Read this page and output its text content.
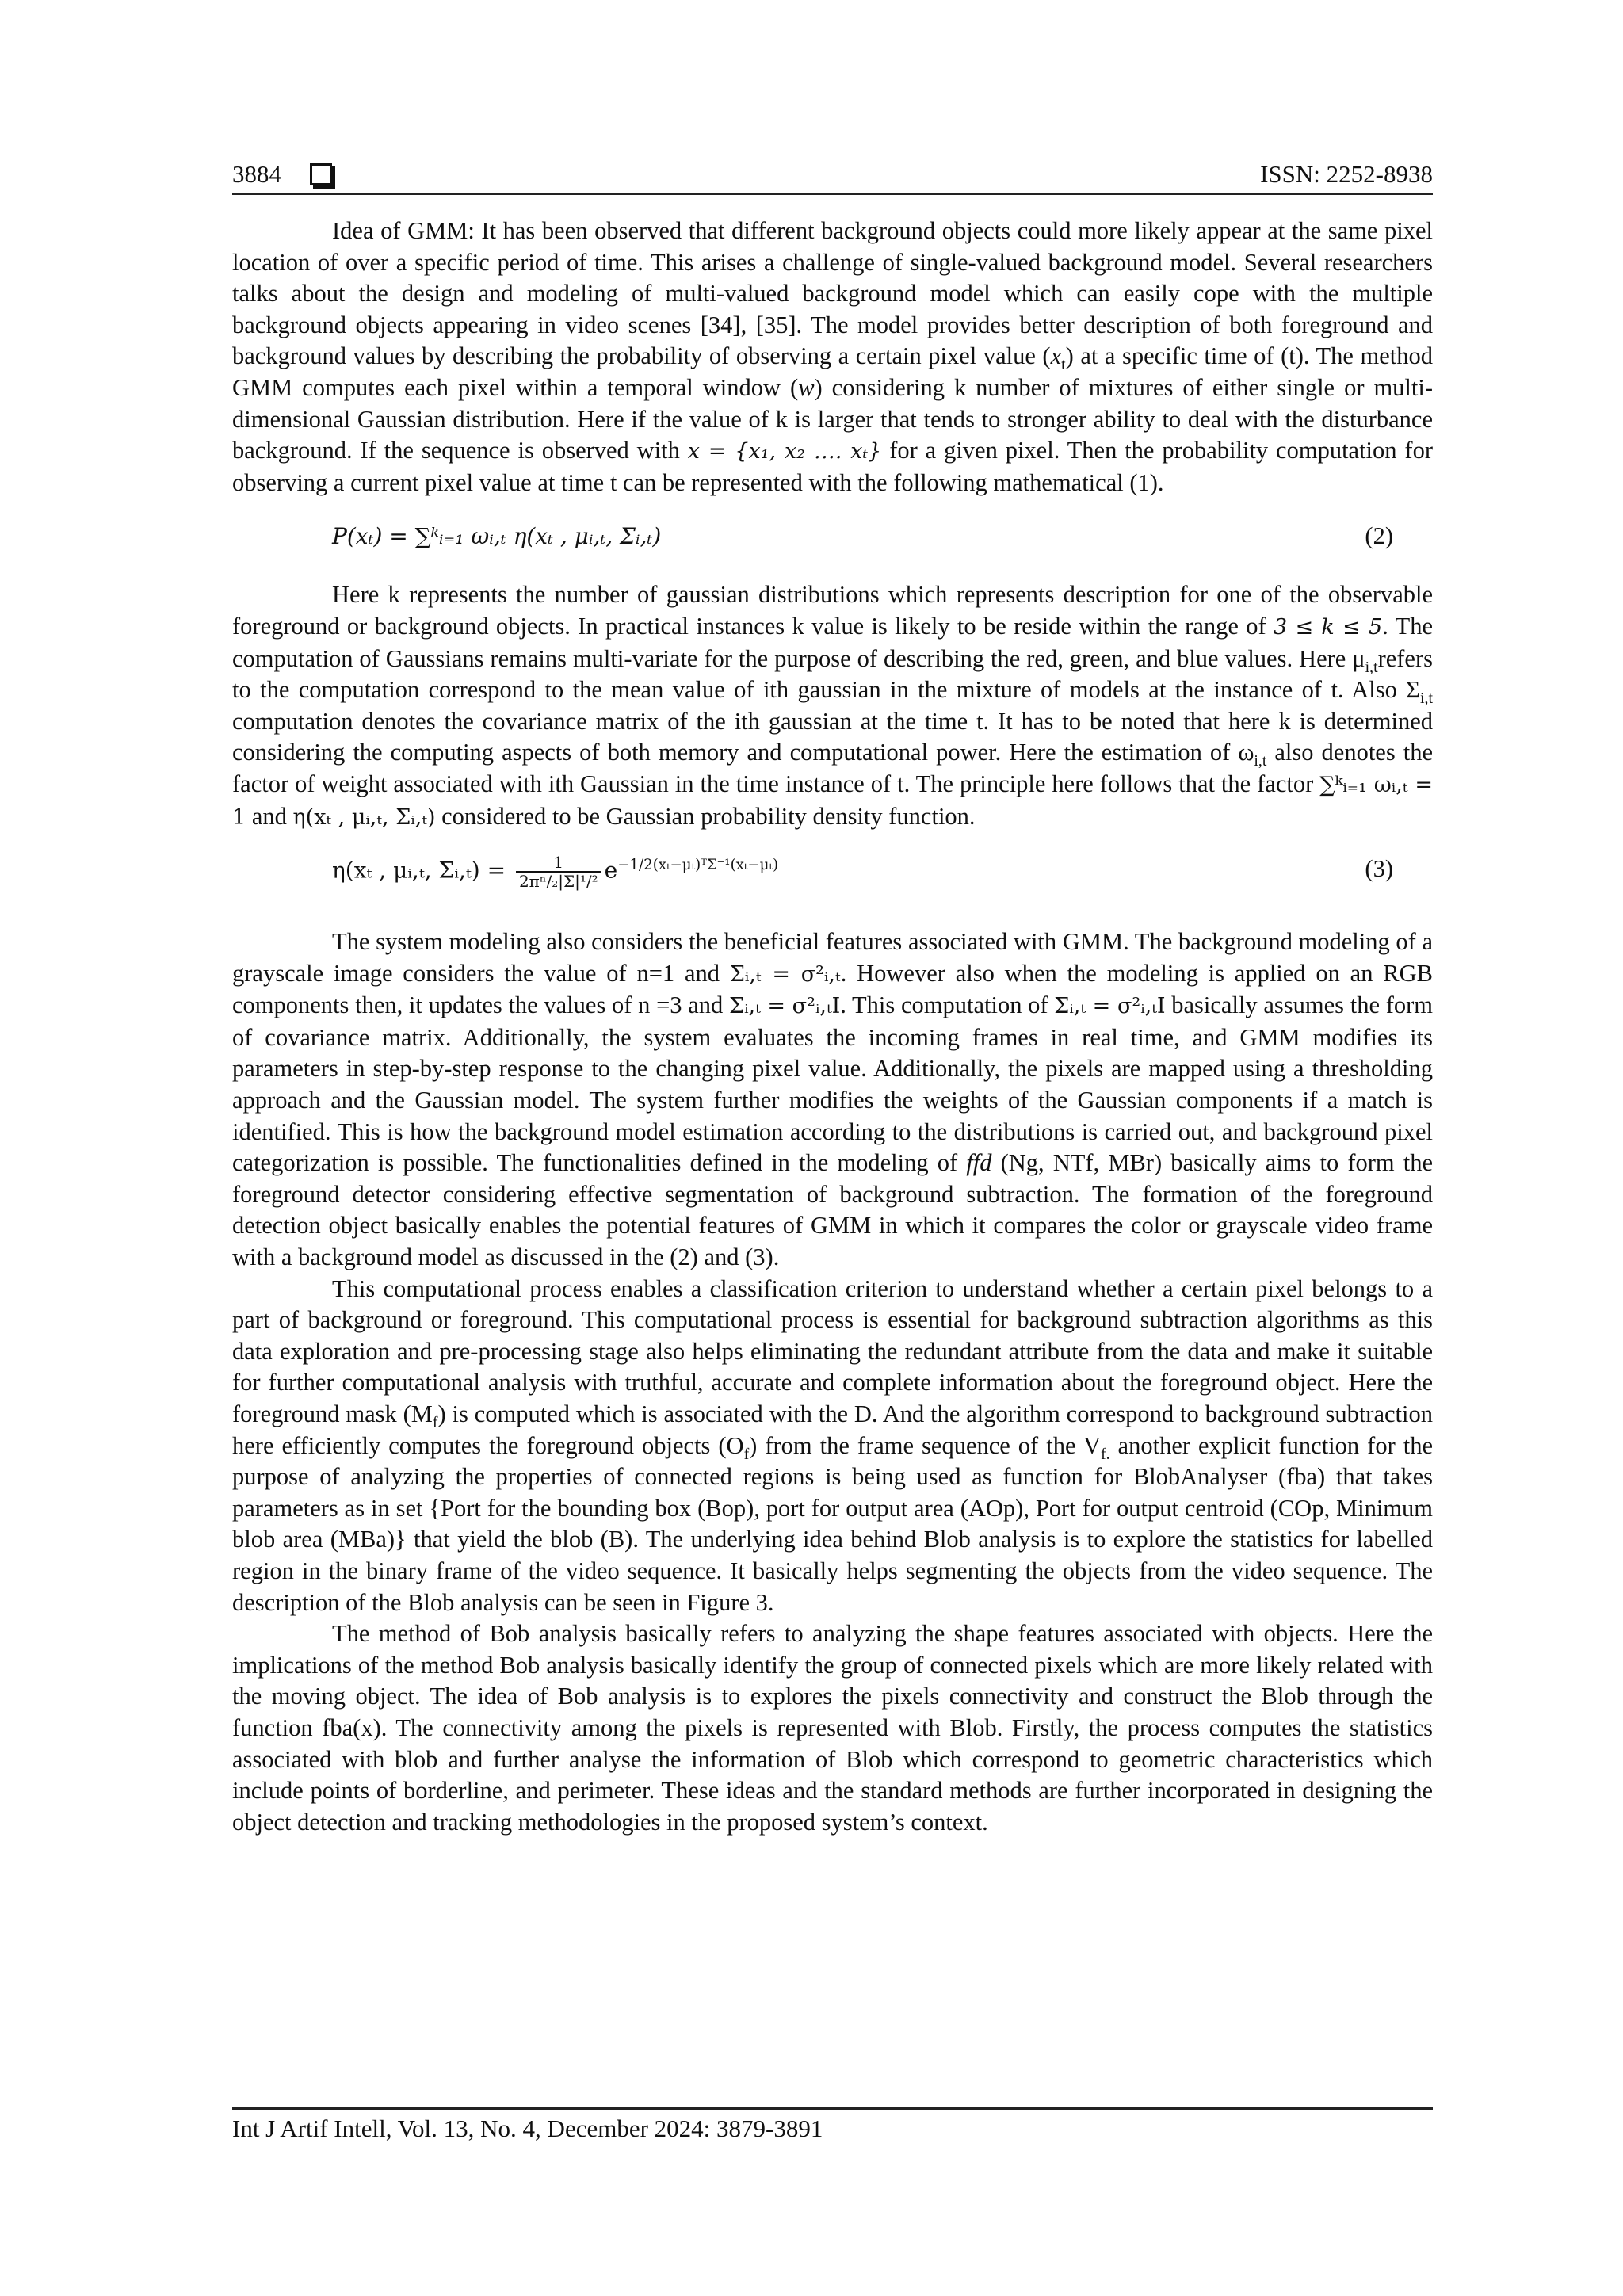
3884	ISSN: 2252-8938

Idea of GMM: It has been observed that different background objects could more likely appear at the same pixel location of over a specific period of time. This arises a challenge of single-valued background model. Several researchers talks about the design and modeling of multi-valued background model which can easily cope with the multiple background objects appearing in video scenes [34], [35]. The model provides better description of both foreground and background values by describing the probability of observing a certain pixel value $(x_t)$ at a specific time of (t). The method GMM computes each pixel within a temporal window (w) considering k number of mixtures of either single or multi-dimensional Gaussian distribution. Here if the value of k is larger that tends to stronger ability to deal with the disturbance background. If the sequence is observed with x = {x₁, x₂ …. xₜ} for a given pixel. Then the probability computation for observing a current pixel value at time t can be represented with the following mathematical (1).

P(xₜ) = ∑ᵏᵢ₌₁ ωᵢ,ₜ η(xₜ , μᵢ,ₜ, Σᵢ,ₜ)	(2)

Here k represents the number of gaussian distributions which represents description for one of the observable foreground or background objects. In practical instances k value is likely to be reside within the range of 3 ≤ k ≤ 5. The computation of Gaussians remains multi-variate for the purpose of describing the red, green, and blue values. Here $\mu_{i,t}refers$ to the computation correspond to the mean value of ith gaussian in the mixture of models at the instance of t. Also $\Sigma_{i,t}$ computation denotes the covariance matrix of the ith gaussian at the time t. It has to be noted that here k is determined considering the computing aspects of both memory and computational power. Here the estimation of $\omega_{i,t}$ also denotes the factor of weight associated with ith Gaussian in the time instance of t. The principle here follows that the factor ∑ᵏᵢ₌₁ ωᵢ,ₜ = 1 and η(xₜ , μᵢ,ₜ, Σᵢ,ₜ) considered to be Gaussian probability density function.

η(xₜ , μᵢ,ₜ, Σᵢ,ₜ) = $\frac{1}{\text{2πⁿ/₂|Σ|¹/²}} e^{-1/2(x_t-\mu_t)ᵀ\Sigma^{-1}(x_t-\mu_t)}$	(3)

The system modeling also considers the beneficial features associated with GMM. The background modeling of a grayscale image considers the value of n=1 and Σᵢ,ₜ = σ²ᵢ,ₜ. However also when the modeling is applied on an RGB components then, it updates the values of n =3 and Σᵢ,ₜ = σ²ᵢ,ₜI. This computation of Σᵢ,ₜ = σ²ᵢ,ₜI basically assumes the form of covariance matrix. Additionally, the system evaluates the incoming frames in real time, and GMM modifies its parameters in step-by-step response to the changing pixel value. Additionally, the pixels are mapped using a thresholding approach and the Gaussian model. The system further modifies the weights of the Gaussian components if a match is identified. This is how the background model estimation according to the distributions is carried out, and background pixel categorization is possible. The functionalities defined in the modeling of ffd (Ng, NTf, MBr) basically aims to form the foreground detector considering effective segmentation of background subtraction. The formation of the foreground detection object basically enables the potential features of GMM in which it compares the color or grayscale video frame with a background model as discussed in the (2) and (3).

This computational process enables a classification criterion to understand whether a certain pixel belongs to a part of background or foreground. This computational process is essential for background subtraction algorithms as this data exploration and pre-processing stage also helps eliminating the redundant attribute from the data and make it suitable for further computational analysis with truthful, accurate and complete information about the foreground object. Here the foreground mask $(M_f)$ is computed which is associated with the D. And the algorithm correspond to background subtraction here efficiently computes the foreground objects $(O_f)$ from the frame sequence of the $V_{f.}$ another explicit function for the purpose of analyzing the properties of connected regions is being used as function for BlobAnalyser (fba) that takes parameters as in set {Port for the bounding box (Bop), port for output area (AOp), Port for output centroid (COp, Minimum blob area (MBa)} that yield the blob (B). The underlying idea behind Blob analysis is to explore the statistics for labelled region in the binary frame of the video sequence. It basically helps segmenting the objects from the video sequence. The description of the Blob analysis can be seen in Figure 3.

The method of Bob analysis basically refers to analyzing the shape features associated with objects. Here the implications of the method Bob analysis basically identify the group of connected pixels which are more likely related with the moving object. The idea of Bob analysis is to explores the pixels connectivity and construct the Blob through the function fba(x). The connectivity among the pixels is represented with Blob. Firstly, the process computes the statistics associated with blob and further analyse the information of Blob which correspond to geometric characteristics which include points of borderline, and perimeter. These ideas and the standard methods are further incorporated in designing the object detection and tracking methodologies in the proposed system’s context.

Int J Artif Intell, Vol. 13, No. 4, December 2024: 3879-3891
